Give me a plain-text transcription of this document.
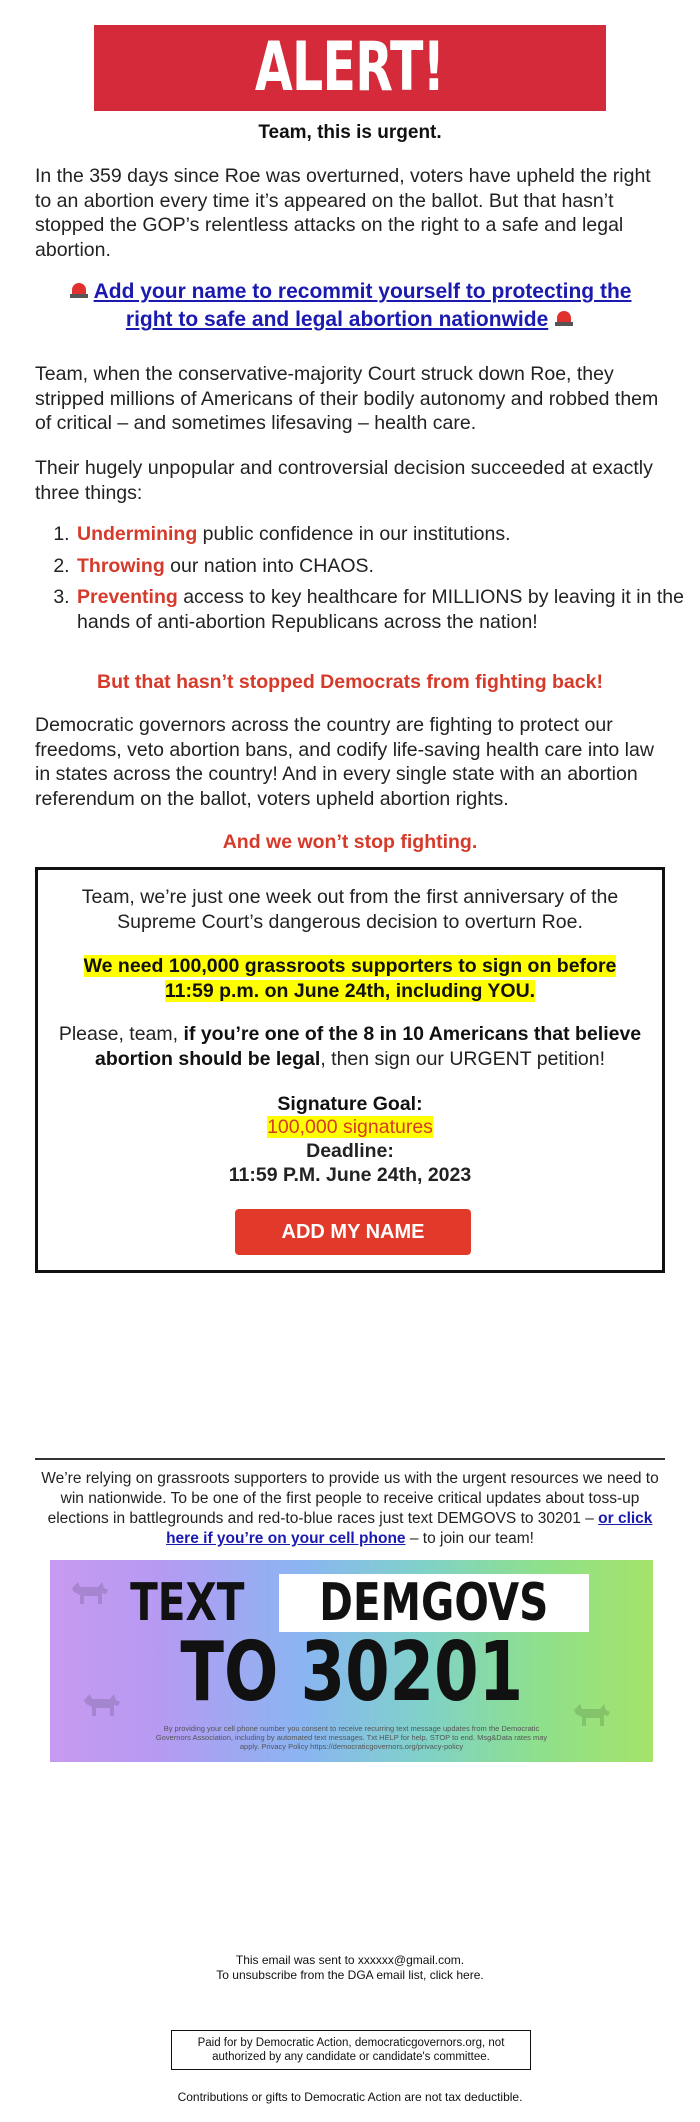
ALERT!
Team, this is urgent.

In the 359 days since Roe was overturned, voters have upheld the right to an abortion every time it’s appeared on the ballot. But that hasn’t stopped the GOP’s relentless attacks on the right to a safe and legal abortion.

Add your name to recommit yourself to protecting the right to safe and legal abortion nationwide

Team, when the conservative-majority Court struck down Roe, they stripped millions of Americans of their bodily autonomy and robbed them of critical – and sometimes lifesaving – health care.

Their hugely unpopular and controversial decision succeeded at exactly three things:

1. Undermining public confidence in our institutions.
2. Throwing our nation into CHAOS.
3. Preventing access to key healthcare for MILLIONS by leaving it in the hands of anti-abortion Republicans across the nation!
But that hasn’t stopped Democrats from fighting back!

Democratic governors across the country are fighting to protect our freedoms, veto abortion bans, and codify life-saving health care into law in states across the country! And in every single state with an abortion referendum on the ballot, voters upheld abortion rights.

And we won’t stop fighting.
Team, we’re just one week out from the first anniversary of the Supreme Court’s dangerous decision to overturn Roe.
We need 100,000 grassroots supporters to sign on before 11:59 p.m. on June 24th, including YOU.
Please, team, if you’re one of the 8 in 10 Americans that believe abortion should be legal, then sign our URGENT petition!
Signature Goal:
100,000 signatures
Deadline:
11:59 P.M. June 24th, 2023
ADD MY NAME
We’re relying on grassroots supporters to provide us with the urgent resources we need to win nationwide. To be one of the first people to receive critical updates about toss-up elections in battlegrounds and red-to-blue races just text DEMGOVS to 30201 – or click here if you’re on your cell phone – to join our team!
TEXT DEMGOVS
TO 30201
By providing your cell phone number you consent to receive recurring text message updates from the Democratic Governors Association, including by automated text messages. Txt HELP for help, STOP to end. Msg&Data rates may apply. Privacy Policy https://democraticgovernors.org/privacy-policy
This email was sent to xxxxxx@gmail.com.
To unsubscribe from the DGA email list, click here.
Paid for by Democratic Action, democraticgovernors.org, not authorized by any candidate or candidate's committee.
Contributions or gifts to Democratic Action are not tax deductible.
